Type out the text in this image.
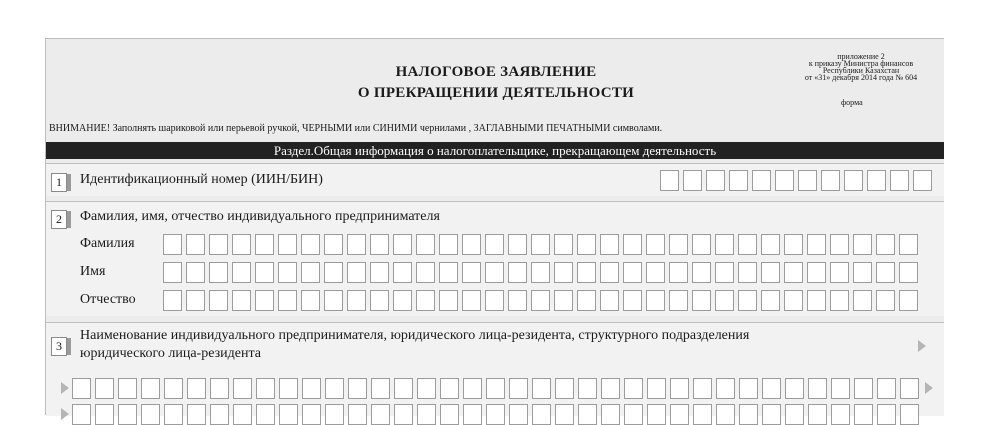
НАЛОГОВОЕ ЗАЯВЛЕНИЕ
О ПРЕКРАЩЕНИИ ДЕЯТЕЛЬНОСТИ
приложение 2
к приказу Министра финансов
Республики Казахстан
от «31» декабря 2014 года № 604
форма
ВНИМАНИЕ! Заполнять шариковой или перьевой ручкой, ЧЕРНЫМИ или СИНИМИ чернилами , ЗАГЛАВНЫМИ ПЕЧАТНЫМИ символами.
Раздел.Общая информация о налогоплательщике, прекращающем деятельность
1	Идентификационный номер (ИИН/БИН)
2	Фамилия, имя, отчество индивидуального предпринимателя
Фамилия
Имя
Отчество
3
Наименование индивидуального предпринимателя, юридического лица-резидента, структурного подразделения
юридического лица-резидента
